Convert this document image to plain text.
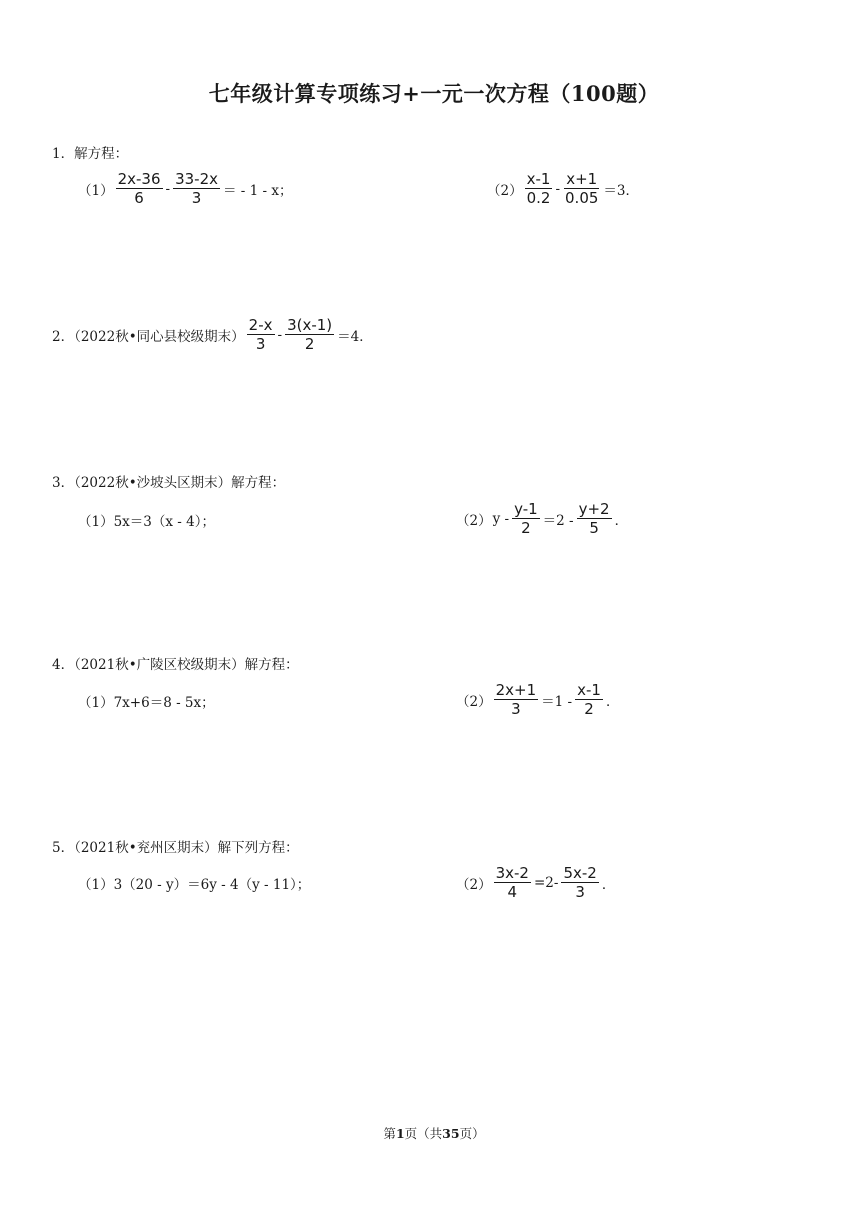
七年级计算专项练习+一元一次方程（100题）
1．解方程：
$(1) \frac{2x-36}{6} - \frac{33-2x}{3}$ ＝ - 1 - x；	$(2) \frac{x-1}{0.2} - \frac{x+1}{0.05} =3$．
2．（2022秋•同心县校级期末） $\frac{2-x}{3} - \frac{3(x-1)}{2} =4$．
3．（2022秋•沙坡头区期末）解方程：
（1） 5x＝3（x - 4）；	（2） $y - \frac{y-1}{2} =2 - \frac{y+2}{5}$ ．
4．（2021秋•广陵区校级期末）解方程：
（1） 7x+6＝8 - 5x；	$(2) \frac{2x+1}{3} =1 - \frac{x-1}{2}$ ．
5．（2021秋•兖州区期末）解下列方程：
（1） 3（20 - y）＝6y - 4（y - 11）；	$(2) \frac{3x-2}{4} =2- \frac{5x-2}{3}$ ．
第1页（共35页）
